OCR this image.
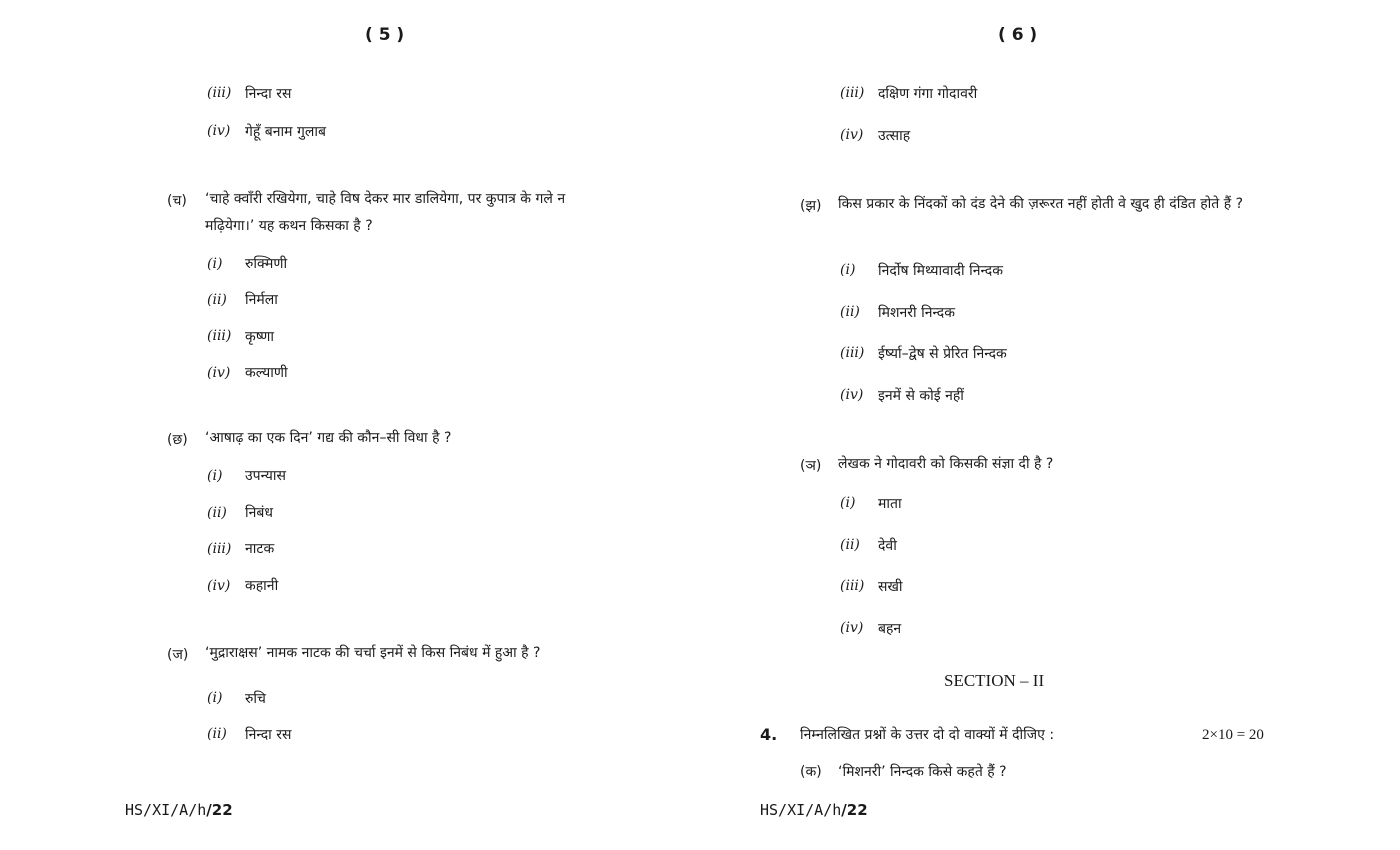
( 5 )
(iii) निन्दा रस
(iv) गेहूँ बनाम गुलाब
(च) ‘चाहे क्वाँरी रखियेगा, चाहे विष देकर मार डालियेगा, पर कुपात्र के गले न मढ़ियेगा।’ यह कथन किसका है ?
(i) रुक्मिणी
(ii) निर्मला
(iii) कृष्णा
(iv) कल्याणी
(छ) ‘आषाढ़ का एक दिन’ गद्य की कौन–सी विधा है ?
(i) उपन्यास
(ii) निबंध
(iii) नाटक
(iv) कहानी
(ज) ‘मुद्राराक्षस’ नामक नाटक की चर्चा इनमें से किस निबंध में हुआ है ?
(i) रुचि
(ii) निन्दा रस
HS/XI/A/h/22
( 6 )
(iii) दक्षिण गंगा गोदावरी
(iv) उत्साह
(झ) किस प्रकार के निंदकों को दंड देने की ज़रूरत नहीं होती वे खुद ही दंडित होते हैं ?
(i) निर्दोष मिथ्यावादी निन्दक
(ii) मिशनरी निन्दक
(iii) ईर्ष्या–द्वेष से प्रेरित निन्दक
(iv) इनमें से कोई नहीं
(ञ) लेखक ने गोदावरी को किसकी संज्ञा दी है ?
(i) माता
(ii) देवी
(iii) सखी
(iv) बहन
SECTION – II
4. निम्नलिखित प्रश्नों के उत्तर दो दो वाक्यों में दीजिए :	2×10 = 20
(क) ‘मिशनरी’ निन्दक किसे कहते हैं ?
HS/XI/A/h/22
